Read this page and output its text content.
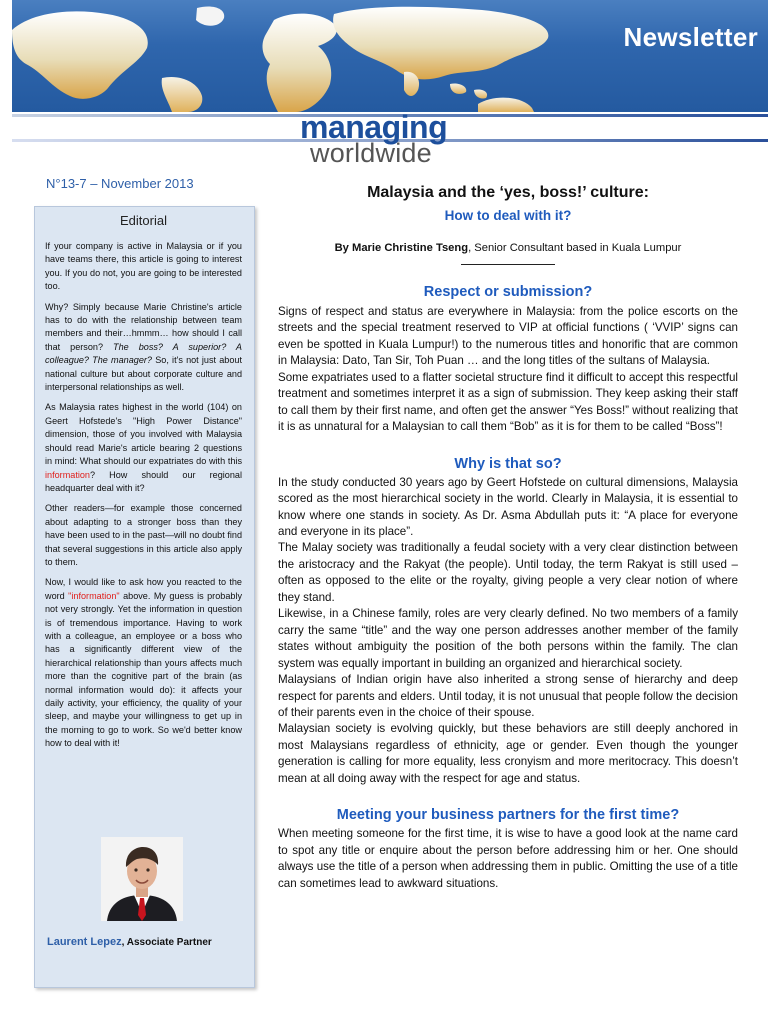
Newsletter
managing
worldwide
N°13-7 – November 2013
Editorial

If your company is active in Malaysia or if you have teams there, this article is going to interest you. If you do not, you are going to be interested too.

Why? Simply because Marie Christine's article has to do with the relationship between team members and their…hmmm… how should I call that person? The boss? A superior? A colleague? The manager? So, it's not just about national culture but about corporate culture and interpersonal relationships as well.

As Malaysia rates highest in the world (104) on Geert Hofstede's "High Power Distance" dimension, those of you involved with Malaysia should read Marie's article bearing 2 questions in mind: What should our expatriates do with this information? How should our regional headquarter deal with it?

Other readers—for example those concerned about adapting to a stronger boss than they have been used to in the past—will no doubt find that several suggestions in this article also apply to them.

Now, I would like to ask how you reacted to the word "information" above. My guess is probably not very strongly. Yet the information in question is of tremendous importance. Having to work with a colleague, an employee or a boss who has a significantly different view of the hierarchical relationship than yours affects much more than the cognitive part of the brain (as normal information would do): it affects your daily activity, your efficiency, the quality of your sleep, and maybe your willingness to get up in the morning to go to work. So we'd better know how to deal with it!

Laurent Lepez, Associate Partner
Malaysia and the ‘yes, boss!’ culture:
How to deal with it?
By Marie Christine Tseng, Senior Consultant based in Kuala Lumpur
Respect or submission?

Signs of respect and status are everywhere in Malaysia: from the police escorts on the streets and the special treatment reserved to VIP at official functions ( ‘VVIP’ signs can even be spotted in Kuala Lumpur!) to the numerous titles and honorific that are common in Malaysia: Dato, Tan Sir, Toh Puan … and the long titles of the sultans of Malaysia.

Some expatriates used to a flatter societal structure find it difficult to accept this respectful treatment and sometimes interpret it as a sign of submission. They keep asking their staff to call them by their first name, and often get the answer “Yes Boss!” without realizing that it is as unnatural for a Malaysian to call them “Bob” as it is for them to be called “Boss”!

Why is that so?

In the study conducted 30 years ago by Geert Hofstede on cultural dimensions, Malaysia scored as the most hierarchical society in the world. Clearly in Malaysia, it is essential to know where one stands in society. As Dr. Asma Abdullah puts it: “A place for everyone and everyone in its place”.

The Malay society was traditionally a feudal society with a very clear distinction between the aristocracy and the Rakyat (the people). Until today, the term Rakyat is still used – often as opposed to the elite or the royalty, giving people a very clear notion of where they stand.

Likewise, in a Chinese family, roles are very clearly defined. No two members of a family carry the same “title” and the way one person addresses another member of the family states without ambiguity the position of the both persons within the family. The clan system was equally important in building an organized and hierarchical society.

Malaysians of Indian origin have also inherited a strong sense of hierarchy and deep respect for parents and elders. Until today, it is not unusual that people follow the decision of their parents even in the choice of their spouse.

Malaysian society is evolving quickly, but these behaviors are still deeply anchored in most Malaysians regardless of ethnicity, age or gender. Even though the younger generation is calling for more equality, less cronyism and more meritocracy. This doesn’t mean at all doing away with the respect for age and status.

Meeting your business partners for the first time?

When meeting someone for the first time, it is wise to have a good look at the name card to spot any title or enquire about the person before addressing him or her. One should always use the title of a person when addressing them in public. Omitting the use of a title can sometimes lead to awkward situations.
